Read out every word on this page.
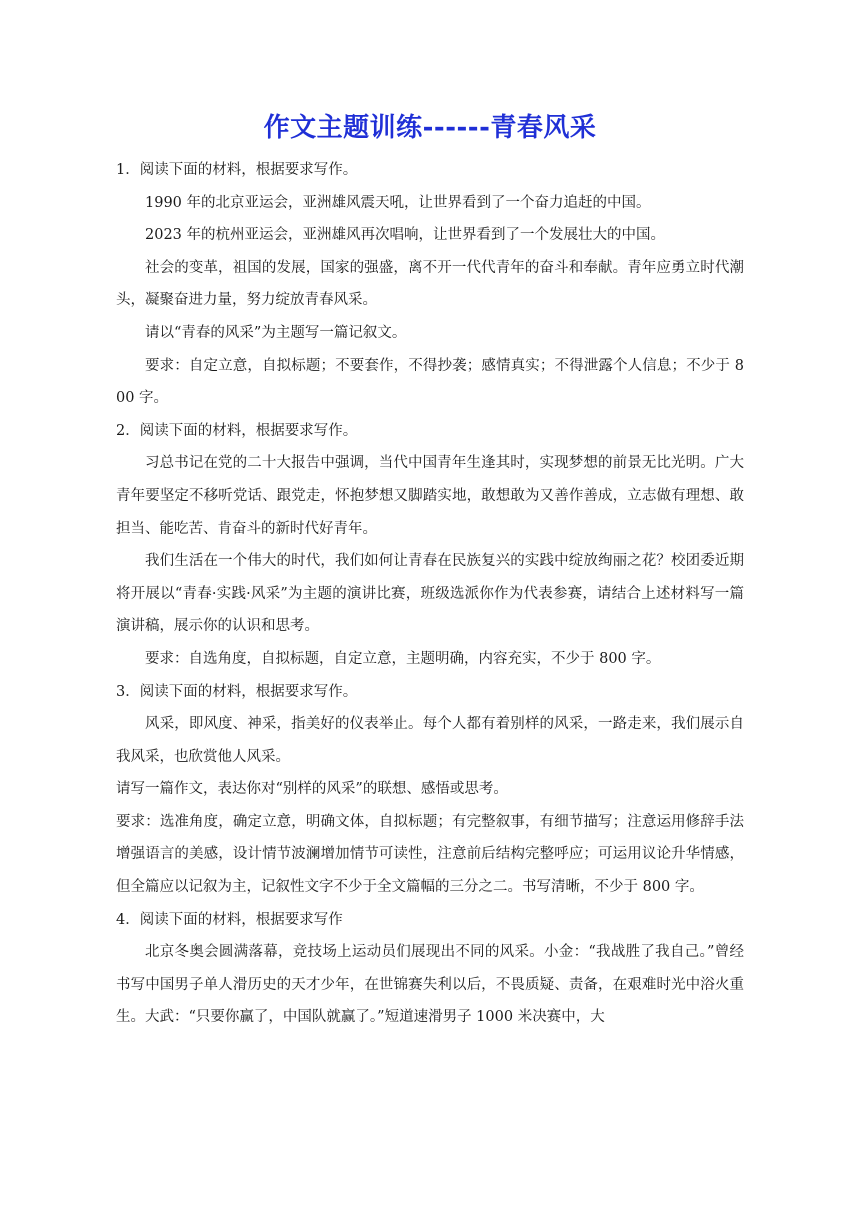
作文主题训练------青春风采

1．阅读下面的材料，根据要求写作。

1990 年的北京亚运会，亚洲雄风震天吼，让世界看到了一个奋力追赶的中国。

2023 年的杭州亚运会，亚洲雄风再次唱响，让世界看到了一个发展壮大的中国。

社会的变革，祖国的发展，国家的强盛，离不开一代代青年的奋斗和奉献。青年应勇立时代潮头，凝聚奋进力量，努力绽放青春风采。

请以“青春的风采”为主题写一篇记叙文。

要求：自定立意，自拟标题；不要套作，不得抄袭；感情真实；不得泄露个人信息；不少于 800 字。

2．阅读下面的材料，根据要求写作。

习总书记在党的二十大报告中强调，当代中国青年生逢其时，实现梦想的前景无比光明。广大青年要坚定不移听党话、跟党走，怀抱梦想又脚踏实地，敢想敢为又善作善成，立志做有理想、敢担当、能吃苦、肯奋斗的新时代好青年。

我们生活在一个伟大的时代，我们如何让青春在民族复兴的实践中绽放绚丽之花？校团委近期将开展以“青春·实践·风采”为主题的演讲比赛，班级选派你作为代表参赛，请结合上述材料写一篇演讲稿，展示你的认识和思考。

要求：自选角度，自拟标题，自定立意，主题明确，内容充实，不少于 800 字。

3．阅读下面的材料，根据要求写作。

风采，即风度、神采，指美好的仪表举止。每个人都有着别样的风采，一路走来，我们展示自我风采，也欣赏他人风采。

请写一篇作文，表达你对“别样的风采”的联想、感悟或思考。

要求：选准角度，确定立意，明确文体，自拟标题；有完整叙事，有细节描写；注意运用修辞手法增强语言的美感，设计情节波澜增加情节可读性，注意前后结构完整呼应；可运用议论升华情感，但全篇应以记叙为主，记叙性文字不少于全文篇幅的三分之二。书写清晰，不少于 800 字。

4．阅读下面的材料，根据要求写作

北京冬奥会圆满落幕，竞技场上运动员们展现出不同的风采。小金：“我战胜了我自己。”曾经书写中国男子单人滑历史的天才少年，在世锦赛失利以后，不畏质疑、责备，在艰难时光中浴火重生。大武：“只要你赢了，中国队就赢了。”短道速滑男子 1000 米决赛中，大
